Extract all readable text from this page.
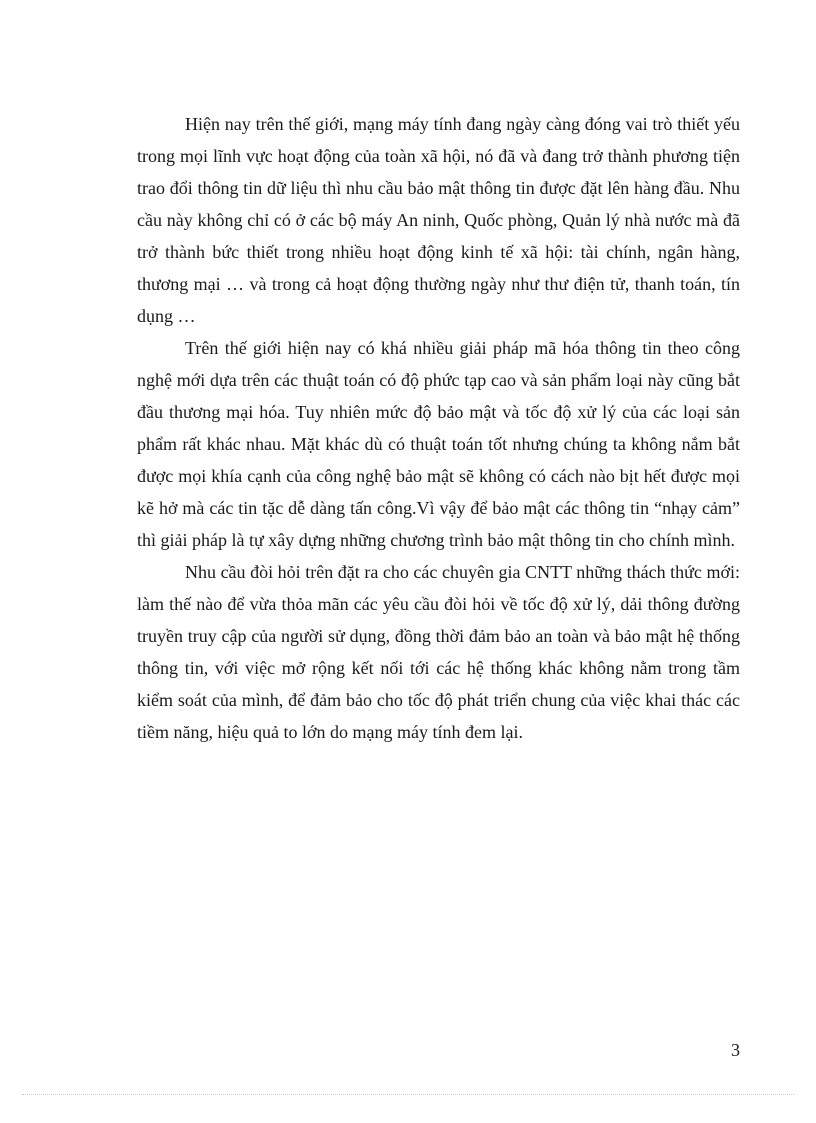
Hiện nay trên thế giới, mạng máy tính đang ngày càng đóng vai trò thiết yếu trong mọi lĩnh vực hoạt động của toàn xã hội, nó đã và đang trở thành phương tiện trao đổi thông tin dữ liệu thì nhu cầu bảo mật thông tin được đặt lên hàng đầu. Nhu cầu này không chỉ có ở các bộ máy An ninh, Quốc phòng, Quản lý nhà nước mà đã trở thành bức thiết trong nhiều hoạt động kinh tế xã hội: tài chính, ngân hàng, thương mại … và trong cả hoạt động thường ngày như thư điện tử, thanh toán, tín dụng …

Trên thế giới hiện nay có khá nhiều giải pháp mã hóa thông tin theo công nghệ mới dựa trên các thuật toán có độ phức tạp cao và sản phẩm loại này cũng bắt đầu thương mại hóa. Tuy nhiên mức độ bảo mật và tốc độ xử lý của các loại sản phẩm rất khác nhau. Mặt khác dù có thuật toán tốt nhưng chúng ta không nắm bắt được mọi khía cạnh của công nghệ bảo mật sẽ không có cách nào bịt hết được mọi kẽ hở mà các tin tặc dễ dàng tấn công.Vì vậy để bảo mật các thông tin “nhạy cảm” thì giải pháp là tự xây dựng những chương trình bảo mật thông tin cho chính mình.

Nhu cầu đòi hỏi trên đặt ra cho các chuyên gia CNTT những thách thức mới: làm thế nào để vừa thỏa mãn các yêu cầu đòi hỏi về tốc độ xử lý, dải thông đường truyền truy cập của người sử dụng, đồng thời đảm bảo an toàn và bảo mật hệ thống thông tin, với việc mở rộng kết nối tới các hệ thống khác không nằm trong tầm kiểm soát của mình, để đảm bảo cho tốc độ phát triển chung của việc khai thác các tiềm năng, hiệu quả to lớn do mạng máy tính đem lại.

3
